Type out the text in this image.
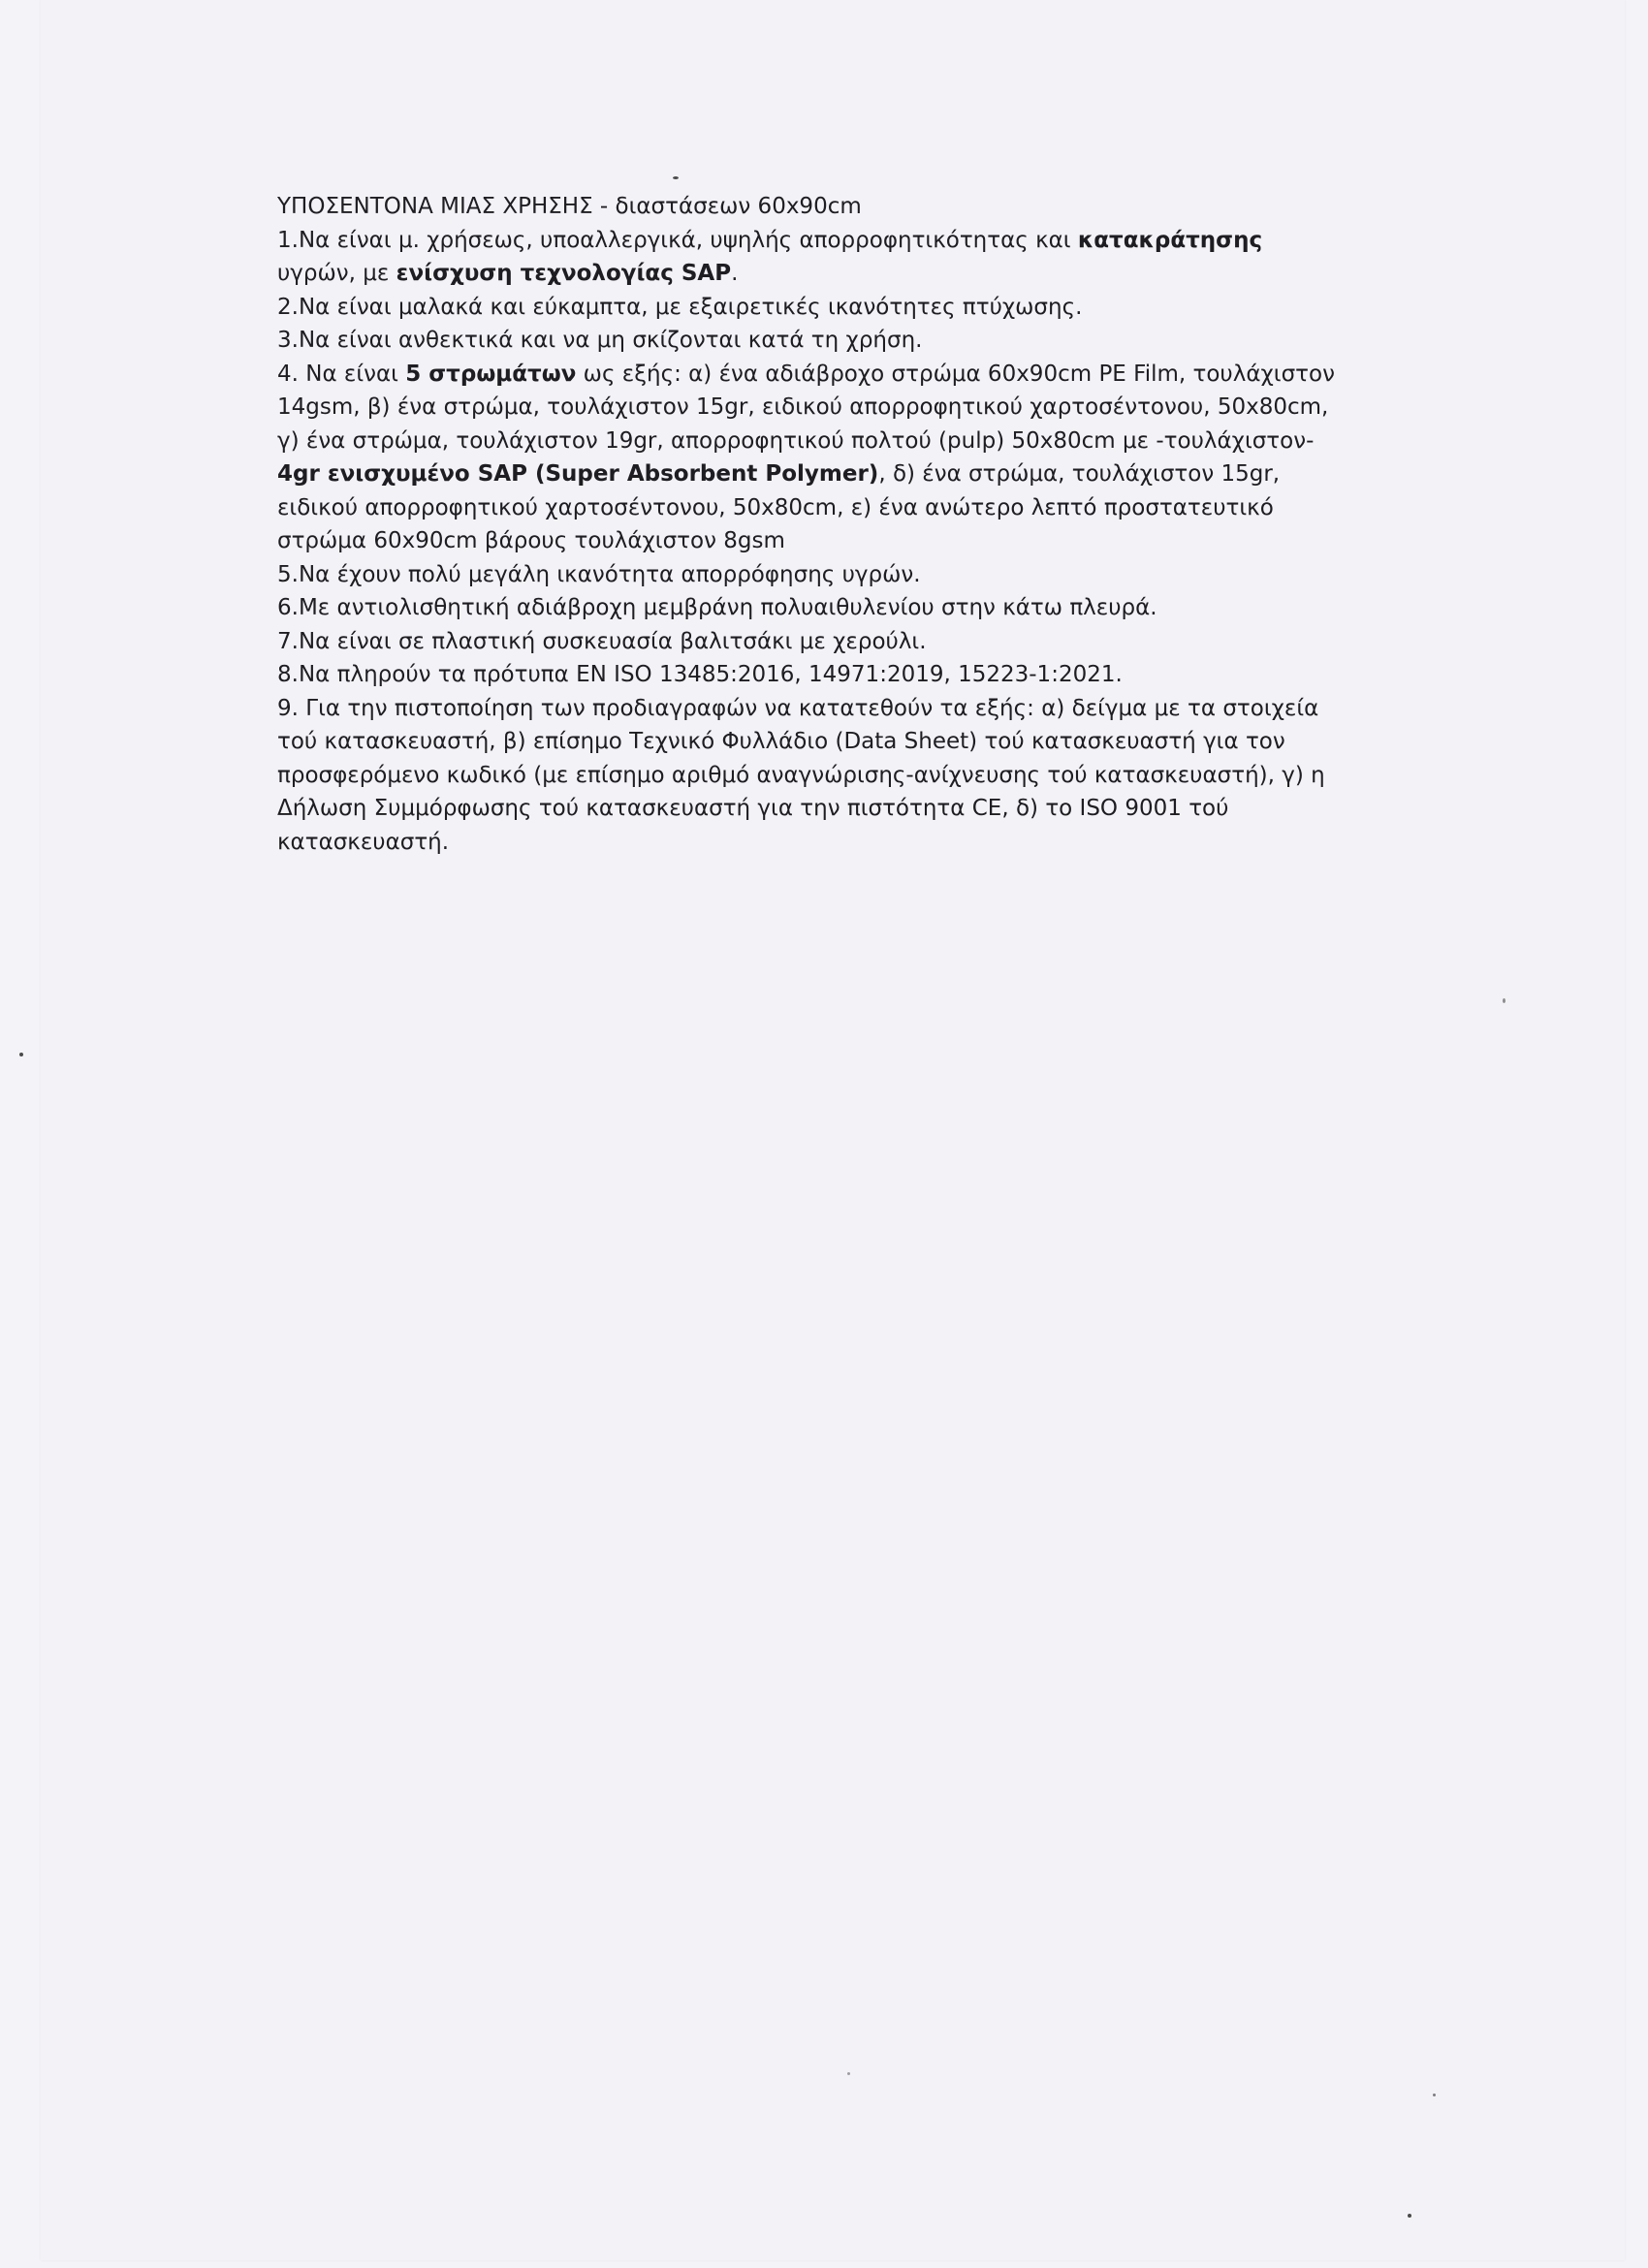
ΥΠΟΣΕΝΤΟΝΑ ΜΙΑΣ ΧΡΗΣΗΣ - διαστάσεων 60x90cm
1.Να είναι μ. χρήσεως, υποαλλεργικά, υψηλής απορροφητικότητας και κατακράτησης
υγρών, με ενίσχυση τεχνολογίας SAP.
2.Να είναι μαλακά και εύκαμπτα, με εξαιρετικές ικανότητες πτύχωσης.
3.Να είναι ανθεκτικά και να μη σκίζονται κατά τη χρήση.
4. Να είναι 5 στρωμάτων ως εξής: α) ένα αδιάβροχο στρώμα 60x90cm PE Film, τουλάχιστον
14gsm, β) ένα στρώμα, τουλάχιστον 15gr, ειδικού απορροφητικού χαρτοσέντονου, 50x80cm,
γ) ένα στρώμα, τουλάχιστον 19gr, απορροφητικού πολτού (pulp) 50x80cm με -τουλάχιστον-
4gr ενισχυμένο SAP (Super Absorbent Polymer), δ) ένα στρώμα, τουλάχιστον 15gr,
ειδικού απορροφητικού χαρτοσέντονου, 50x80cm, ε) ένα ανώτερο λεπτό προστατευτικό
στρώμα 60x90cm βάρους τουλάχιστον 8gsm
5.Να έχουν πολύ μεγάλη ικανότητα απορρόφησης υγρών.
6.Με αντιολισθητική αδιάβροχη μεμβράνη πολυαιθυλενίου στην κάτω πλευρά.
7.Να είναι σε πλαστική συσκευασία βαλιτσάκι με χερούλι.
8.Να πληρούν τα πρότυπα EN ISO 13485:2016, 14971:2019, 15223-1:2021.
9. Για την πιστοποίηση των προδιαγραφών να κατατεθούν τα εξής: α) δείγμα με τα στοιχεία
τού κατασκευαστή, β) επίσημο Τεχνικό Φυλλάδιο (Data Sheet) τού κατασκευαστή για τον
προσφερόμενο κωδικό (με επίσημο αριθμό αναγνώρισης-ανίχνευσης τού κατασκευαστή), γ) η
Δήλωση Συμμόρφωσης τού κατασκευαστή για την πιστότητα CE, δ) το ISO 9001 τού
κατασκευαστή.
